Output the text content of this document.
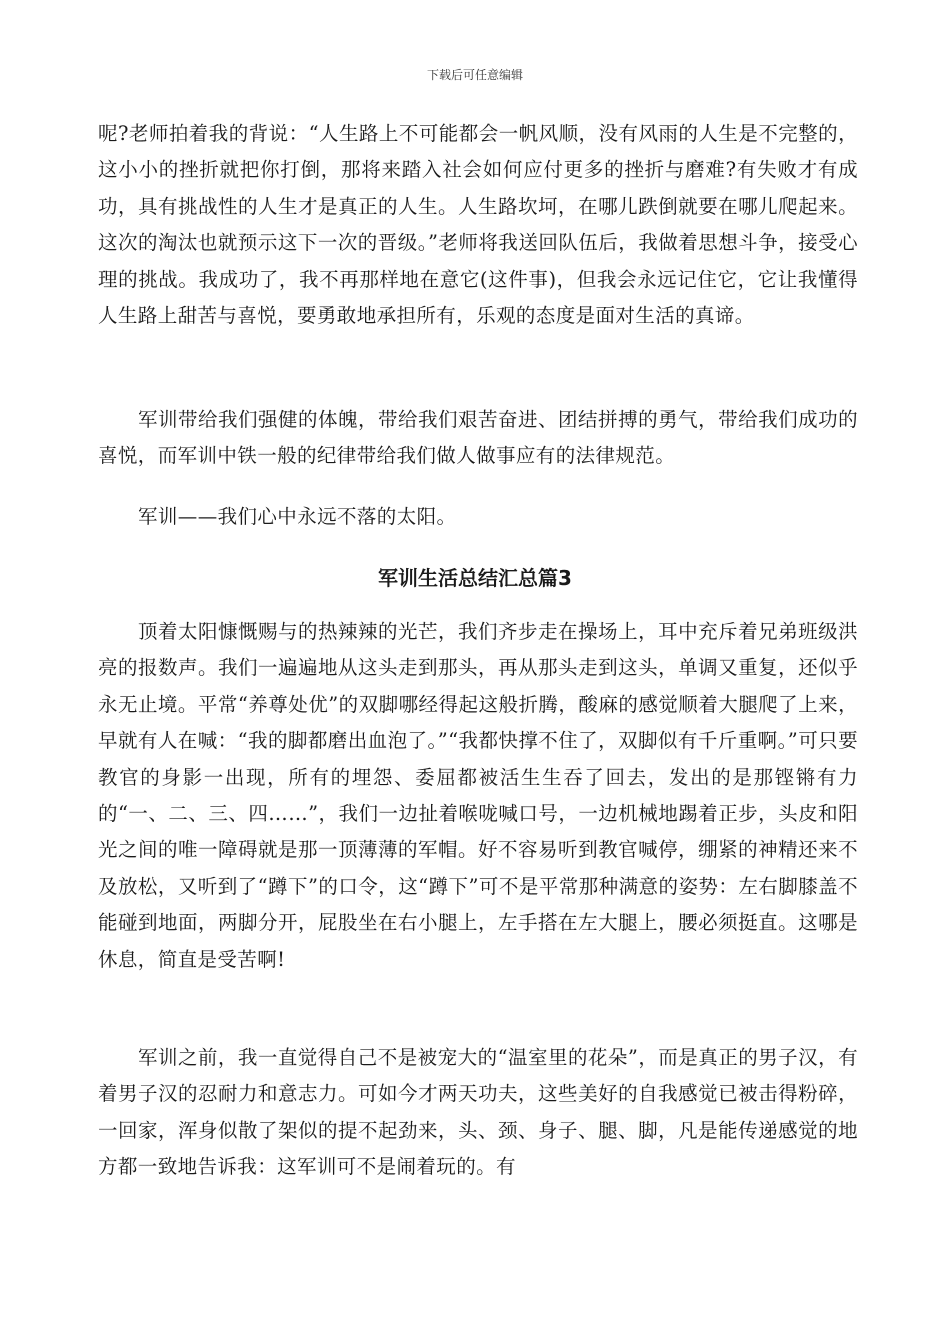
下载后可任意编辑

呢?老师拍着我的背说：“人生路上不可能都会一帆风顺，没有风雨的人生是不完整的，这小小的挫折就把你打倒，那将来踏入社会如何应付更多的挫折与磨难?有失败才有成功，具有挑战性的人生才是真正的人生。人生路坎坷，在哪儿跌倒就要在哪儿爬起来。这次的淘汰也就预示这下一次的晋级。”老师将我送回队伍后，我做着思想斗争，接受心理的挑战。我成功了，我不再那样地在意它(这件事)，但我会永远记住它，它让我懂得人生路上甜苦与喜悦，要勇敢地承担所有，乐观的态度是面对生活的真谛。

军训带给我们强健的体魄，带给我们艰苦奋进、团结拼搏的勇气，带给我们成功的喜悦，而军训中铁一般的纪律带给我们做人做事应有的法律规范。

军训——我们心中永远不落的太阳。

军训生活总结汇总篇3

顶着太阳慷慨赐与的热辣辣的光芒，我们齐步走在操场上，耳中充斥着兄弟班级洪亮的报数声。我们一遍遍地从这头走到那头，再从那头走到这头，单调又重复，还似乎永无止境。平常“养尊处优”的双脚哪经得起这般折腾，酸麻的感觉顺着大腿爬了上来，早就有人在喊：“我的脚都磨出血泡了。”“我都快撑不住了，双脚似有千斤重啊。”可只要教官的身影一出现，所有的埋怨、委屈都被活生生吞了回去，发出的是那铿锵有力的“一、二、三、四……”，我们一边扯着喉咙喊口号，一边机械地踢着正步，头皮和阳光之间的唯一障碍就是那一顶薄薄的军帽。好不容易听到教官喊停，绷紧的神精还来不及放松，又听到了“蹲下”的口令，这“蹲下”可不是平常那种满意的姿势：左右脚膝盖不能碰到地面，两脚分开，屁股坐在右小腿上，左手搭在左大腿上，腰必须挺直。这哪是休息，简直是受苦啊!

军训之前，我一直觉得自己不是被宠大的“温室里的花朵”，而是真正的男子汉，有着男子汉的忍耐力和意志力。可如今才两天功夫，这些美好的自我感觉已被击得粉碎，一回家，浑身似散了架似的提不起劲来，头、颈、身子、腿、脚，凡是能传递感觉的地方都一致地告诉我：这军训可不是闹着玩的。有
